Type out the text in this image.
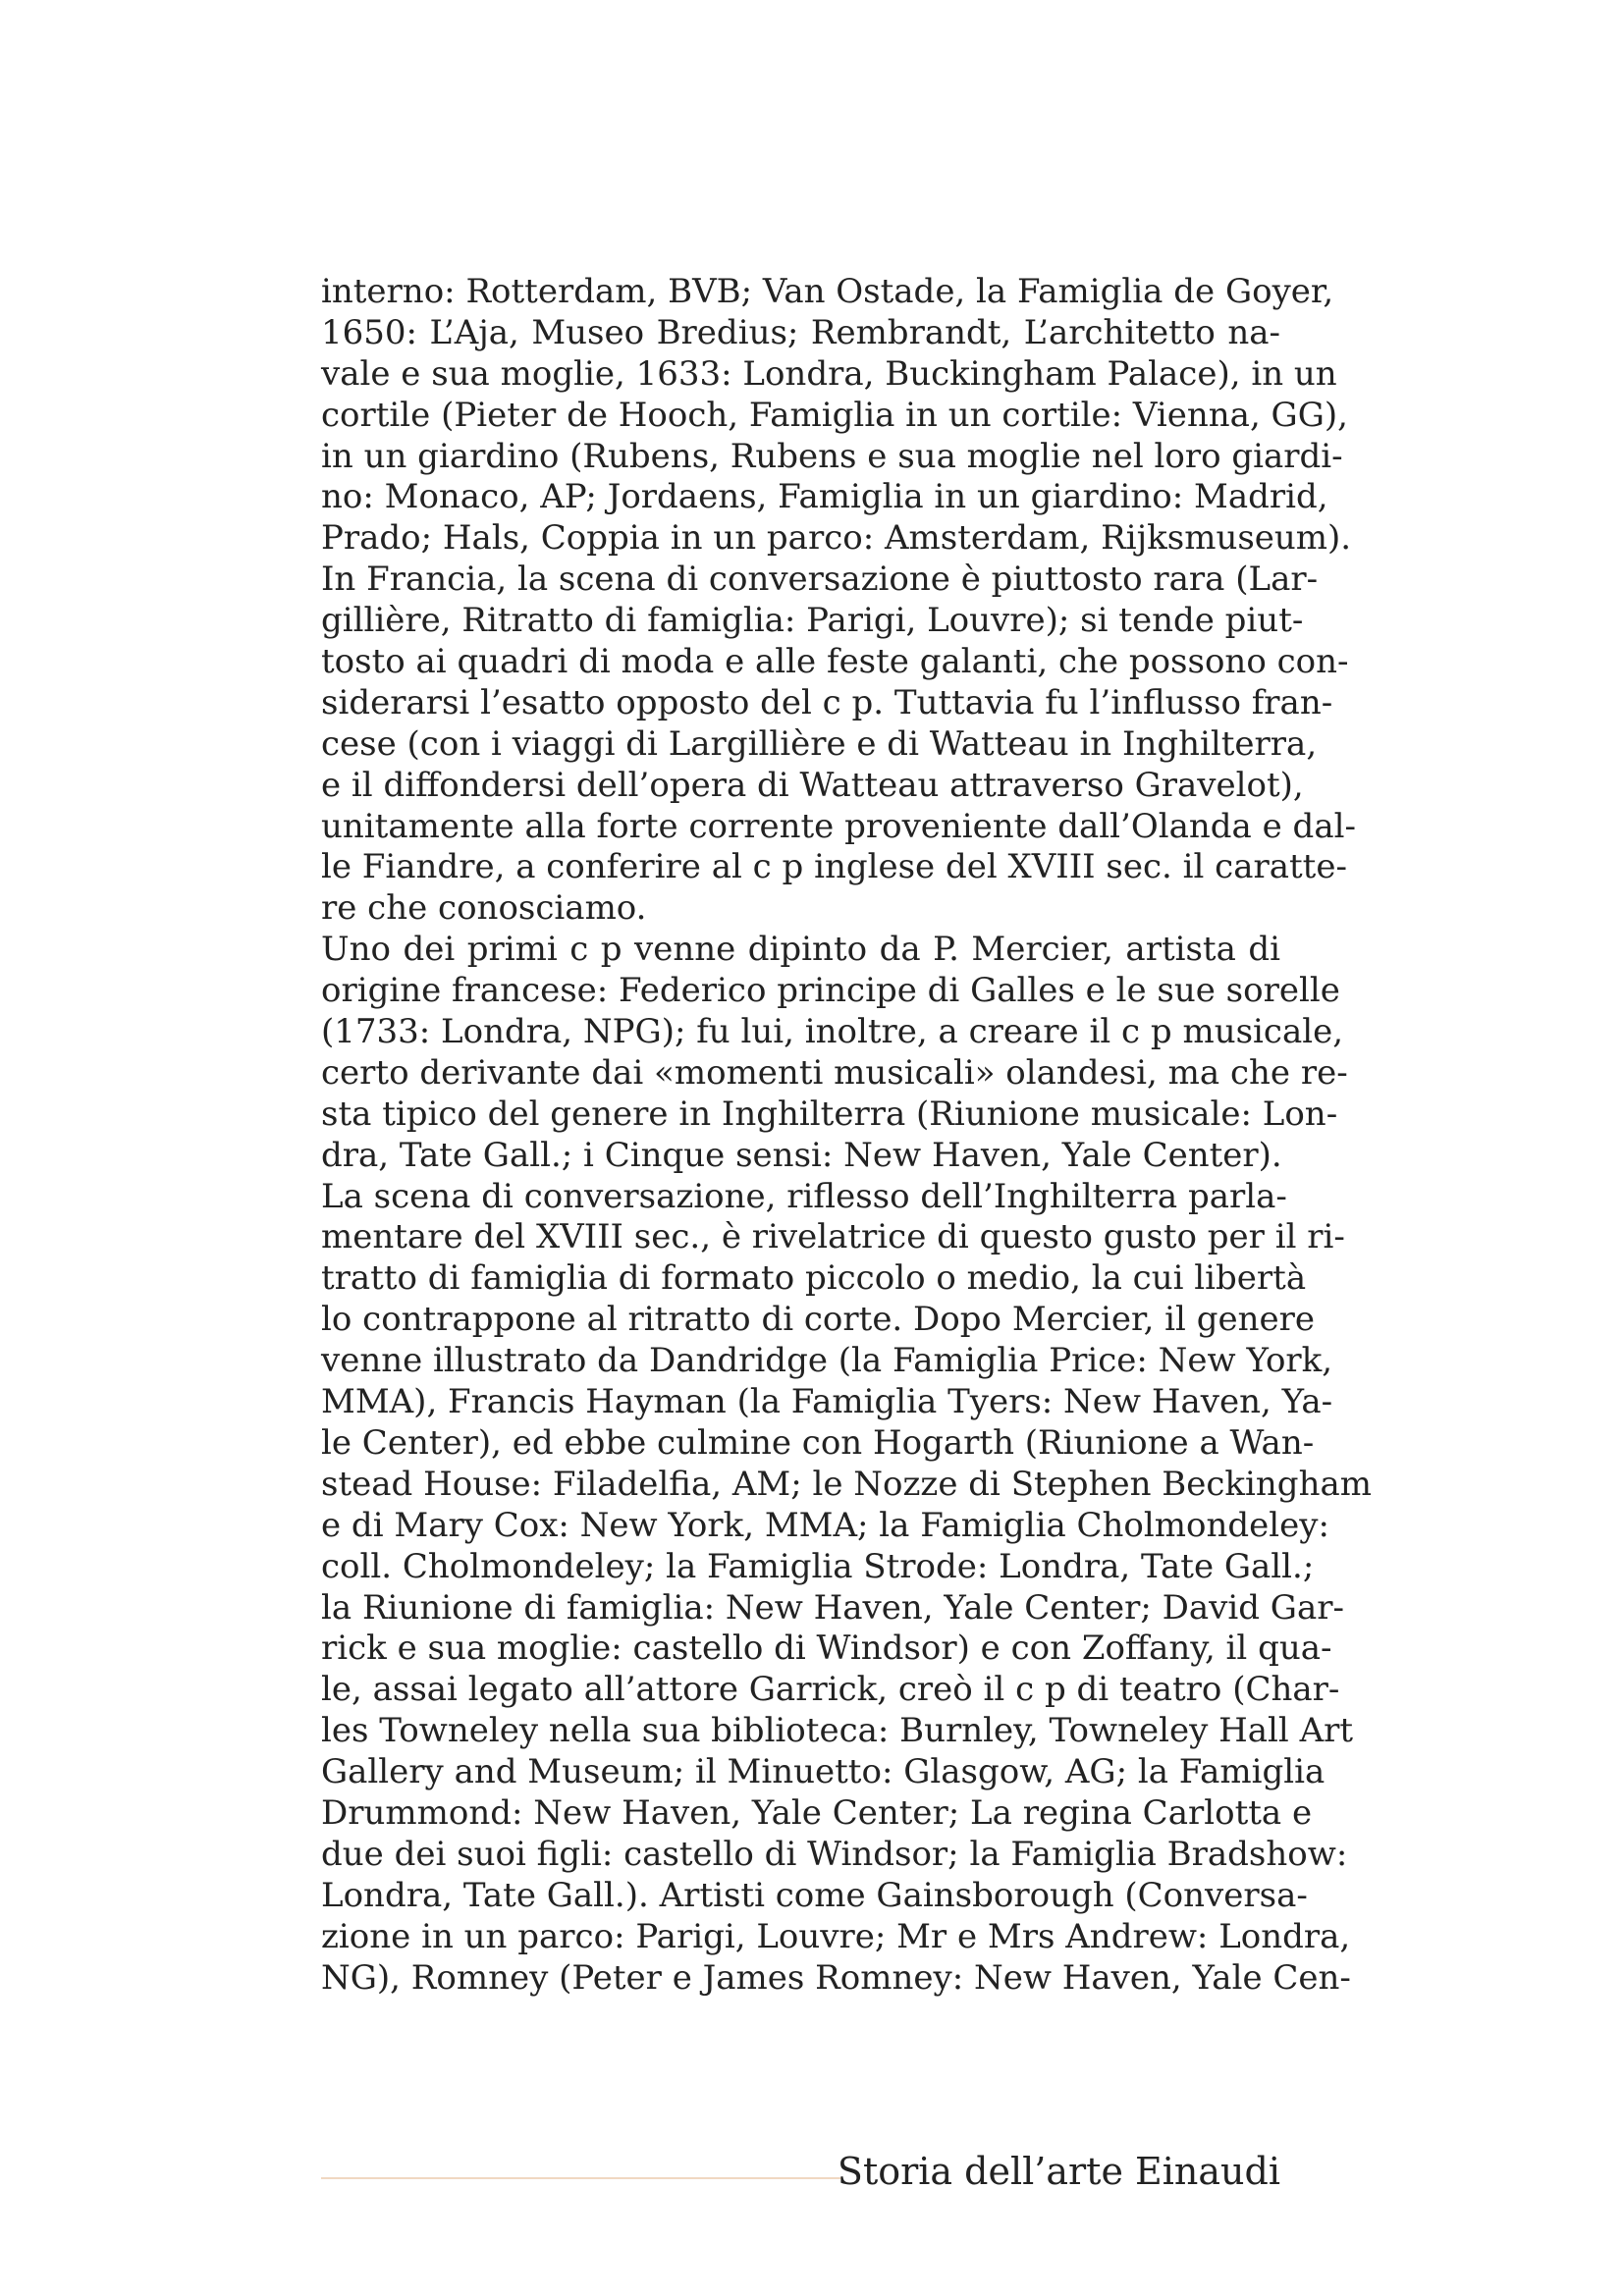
interno: Rotterdam, BVB; Van Ostade, la Famiglia de Goyer,
1650: L’Aja, Museo Bredius; Rembrandt, L’architetto na-
vale e sua moglie, 1633: Londra, Buckingham Palace), in un
cortile (Pieter de Hooch, Famiglia in un cortile: Vienna, GG),
in un giardino (Rubens, Rubens e sua moglie nel loro giardi-
no: Monaco, AP; Jordaens, Famiglia in un giardino: Madrid,
Prado; Hals, Coppia in un parco: Amsterdam, Rijksmuseum).
In Francia, la scena di conversazione è piuttosto rara (Lar-
gillière, Ritratto di famiglia: Parigi, Louvre); si tende piut-
tosto ai quadri di moda e alle feste galanti, che possono con-
siderarsi l’esatto opposto del c p. Tuttavia fu l’influsso fran-
cese (con i viaggi di Largillière e di Watteau in Inghilterra,
e il diffondersi dell’opera di Watteau attraverso Gravelot),
unitamente alla forte corrente proveniente dall’Olanda e dal-
le Fiandre, a conferire al c p inglese del XVIII sec. il caratte-
re che conosciamo.
Uno dei primi c p venne dipinto da P. Mercier, artista di
origine francese: Federico principe di Galles e le sue sorelle
(1733: Londra, NPG); fu lui, inoltre, a creare il c p musicale,
certo derivante dai «momenti musicali» olandesi, ma che re-
sta tipico del genere in Inghilterra (Riunione musicale: Lon-
dra, Tate Gall.; i Cinque sensi: New Haven, Yale Center).
La scena di conversazione, riflesso dell’Inghilterra parla-
mentare del XVIII sec., è rivelatrice di questo gusto per il ri-
tratto di famiglia di formato piccolo o medio, la cui libertà
lo contrappone al ritratto di corte. Dopo Mercier, il genere
venne illustrato da Dandridge (la Famiglia Price: New York,
MMA), Francis Hayman (la Famiglia Tyers: New Haven, Ya-
le Center), ed ebbe culmine con Hogarth (Riunione a Wan-
stead House: Filadelfia, AM; le Nozze di Stephen Beckingham
e di Mary Cox: New York, MMA; la Famiglia Cholmondeley:
coll. Cholmondeley; la Famiglia Strode: Londra, Tate Gall.;
la Riunione di famiglia: New Haven, Yale Center; David Gar-
rick e sua moglie: castello di Windsor) e con Zoffany, il qua-
le, assai legato all’attore Garrick, creò il c p di teatro (Char-
les Towneley nella sua biblioteca: Burnley, Towneley Hall Art
Gallery and Museum; il Minuetto: Glasgow, AG; la Famiglia
Drummond: New Haven, Yale Center; La regina Carlotta e
due dei suoi figli: castello di Windsor; la Famiglia Bradshow:
Londra, Tate Gall.). Artisti come Gainsborough (Conversa-
zione in un parco: Parigi, Louvre; Mr e Mrs Andrew: Londra,
NG), Romney (Peter e James Romney: New Haven, Yale Cen-
Storia dell’arte Einaudi
